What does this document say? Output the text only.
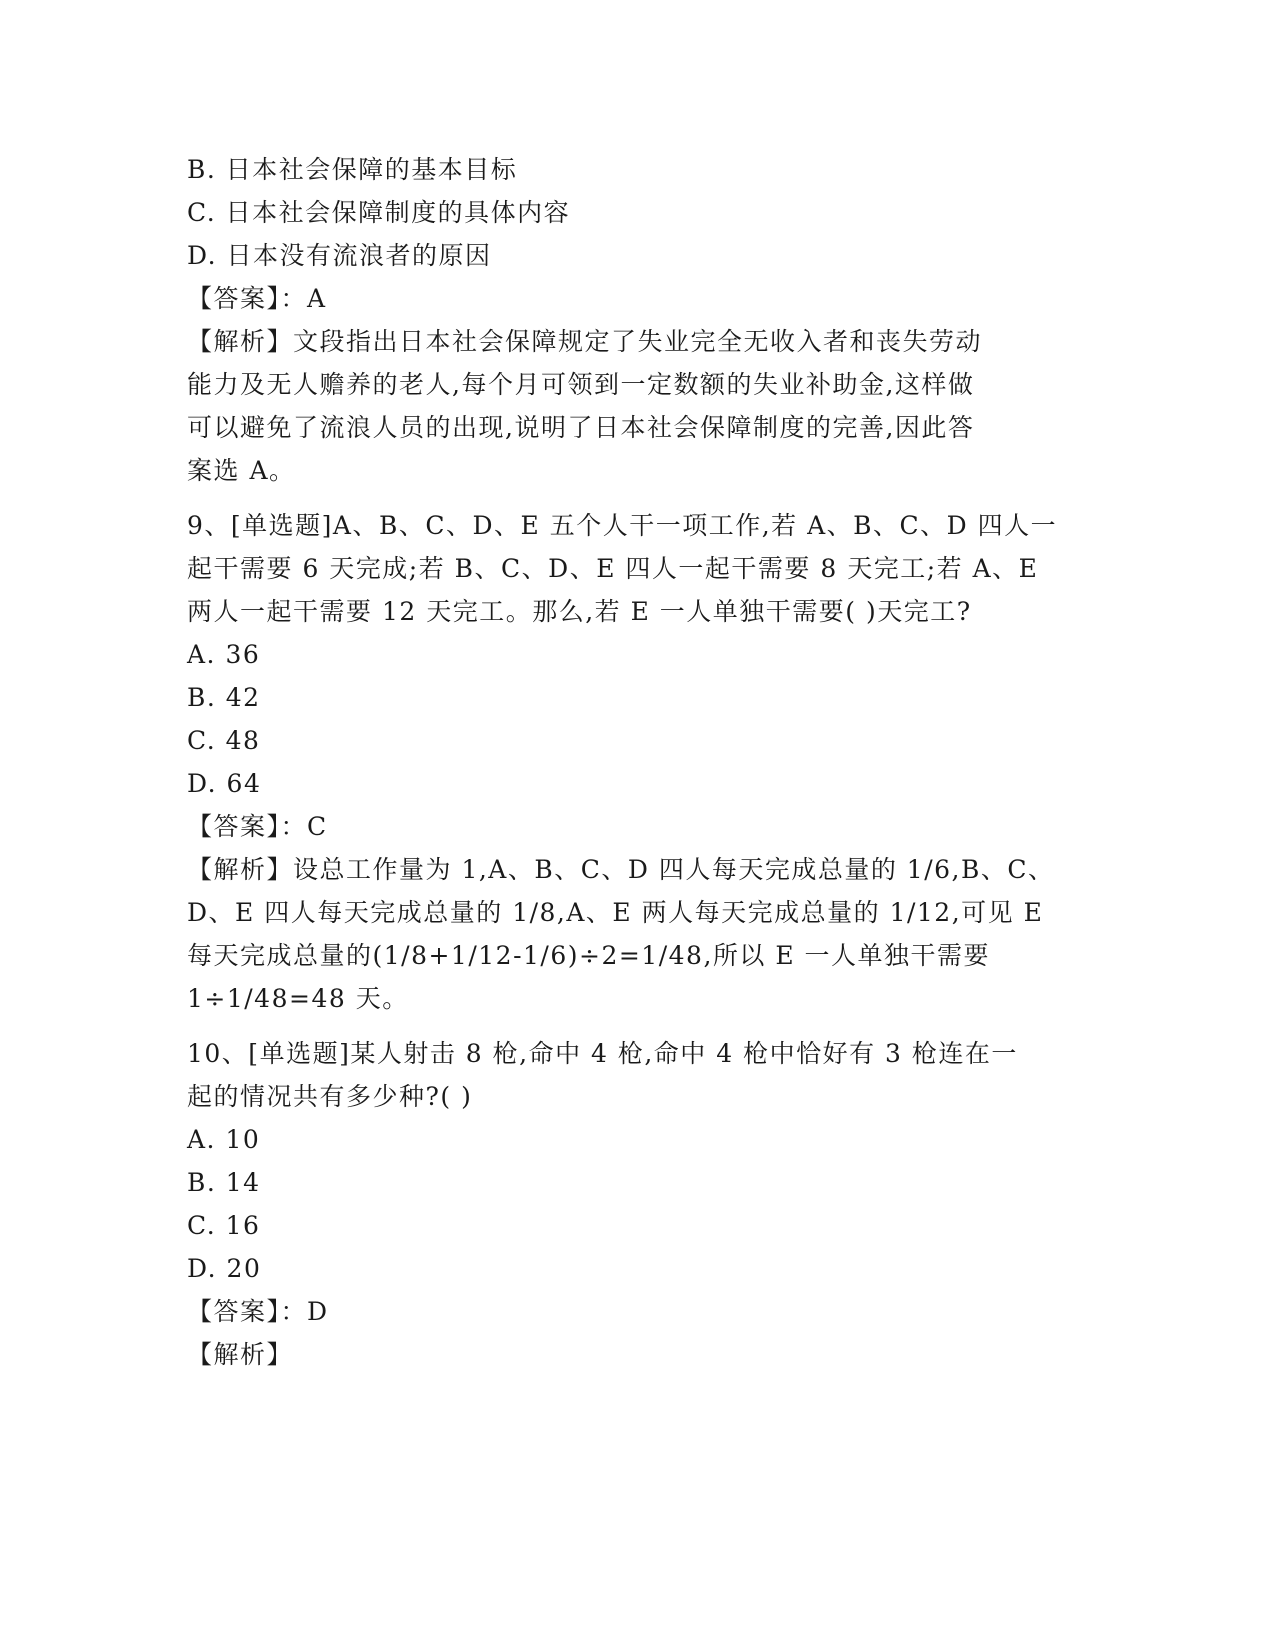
B. 日本社会保障的基本目标
C. 日本社会保障制度的具体内容
D. 日本没有流浪者的原因
【答案】：A
【解析】文段指出日本社会保障规定了失业完全无收入者和丧失劳动
能力及无人赡养的老人,每个月可领到一定数额的失业补助金,这样做
可以避免了流浪人员的出现,说明了日本社会保障制度的完善,因此答
案选 A。
9、[单选题]A、B、C、D、E 五个人干一项工作,若 A、B、C、D 四人一
起干需要 6 天完成;若 B、C、D、E 四人一起干需要 8 天完工;若 A、E
两人一起干需要 12 天完工。那么,若 E 一人单独干需要( )天完工?
A. 36
B. 42
C. 48
D. 64
【答案】：C
【解析】设总工作量为 1,A、B、C、D 四人每天完成总量的 1/6,B、C、
D、E 四人每天完成总量的 1/8,A、E 两人每天完成总量的 1/12,可见 E
每天完成总量的(1/8+1/12-1/6)÷2=1/48,所以 E 一人单独干需要
1÷1/48=48 天。
10、[单选题]某人射击 8 枪,命中 4 枪,命中 4 枪中恰好有 3 枪连在一
起的情况共有多少种?( )
A. 10
B. 14
C. 16
D. 20
【答案】：D
【解析】
